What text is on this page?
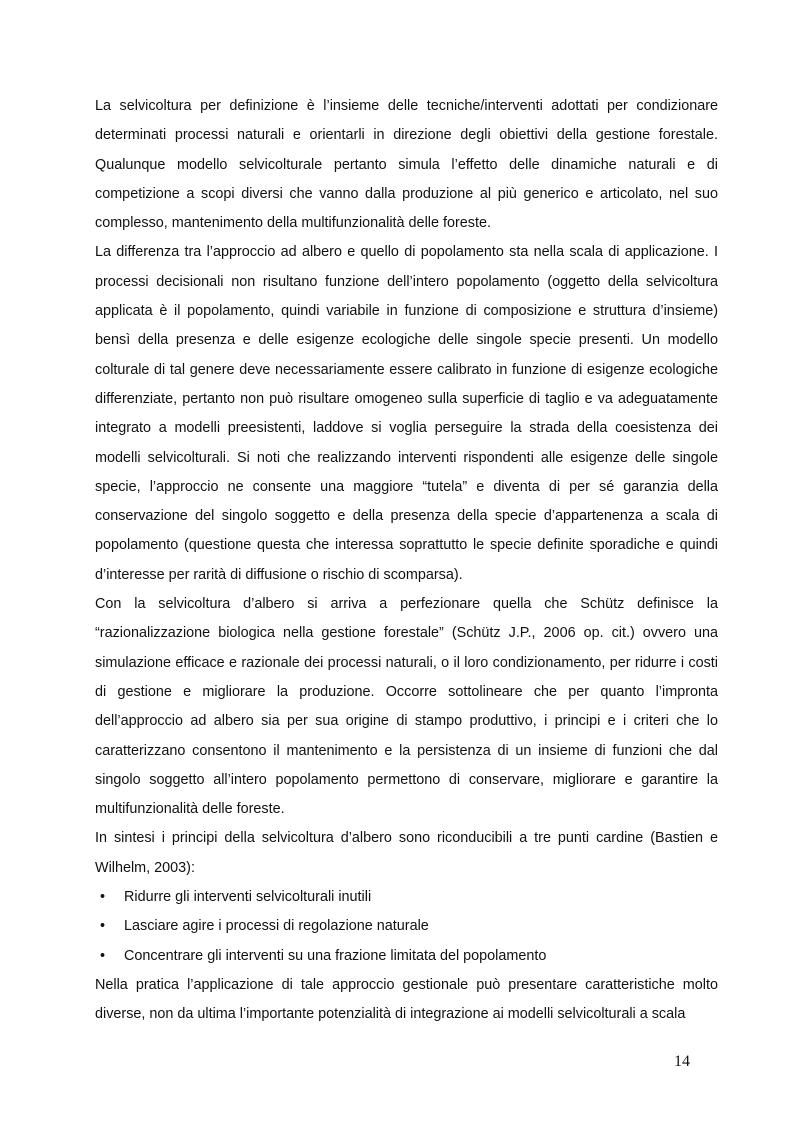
La selvicoltura per definizione è l’insieme delle tecniche/interventi adottati per condizionare determinati processi naturali e orientarli in direzione degli obiettivi della gestione forestale. Qualunque modello selvicolturale pertanto simula l’effetto delle dinamiche naturali e di competizione a scopi diversi che vanno dalla produzione al più generico e articolato, nel suo complesso, mantenimento della multifunzionalità delle foreste.

La differenza tra l’approccio ad albero e quello di popolamento sta nella scala di applicazione. I processi decisionali non risultano funzione dell’intero popolamento (oggetto della selvicoltura applicata è il popolamento, quindi variabile in funzione di composizione e struttura d’insieme) bensì della presenza e delle esigenze ecologiche delle singole specie presenti. Un modello colturale di tal genere deve necessariamente essere calibrato in funzione di esigenze ecologiche differenziate, pertanto non può risultare omogeneo sulla superficie di taglio e va adeguatamente integrato a modelli preesistenti, laddove si voglia perseguire la strada della coesistenza dei modelli selvicolturali. Si noti che realizzando interventi rispondenti alle esigenze delle singole specie, l’approccio ne consente una maggiore “tutela” e diventa di per sé garanzia della conservazione del singolo soggetto e della presenza della specie d’appartenenza a scala di popolamento (questione questa che interessa soprattutto le specie definite sporadiche e quindi d’interesse per rarità di diffusione o rischio di scomparsa).

Con la selvicoltura d’albero si arriva a perfezionare quella che Schütz definisce la “razionalizzazione biologica nella gestione forestale” (Schütz J.P., 2006 op. cit.) ovvero una simulazione efficace e razionale dei processi naturali, o il loro condizionamento, per ridurre i costi di gestione e migliorare la produzione. Occorre sottolineare che per quanto l’impronta dell’approccio ad albero sia per sua origine di stampo produttivo, i principi e i criteri che lo caratterizzano consentono il mantenimento e la persistenza di un insieme di funzioni che dal singolo soggetto all’intero popolamento permettono di conservare, migliorare e garantire la multifunzionalità delle foreste.

In sintesi i principi della selvicoltura d’albero sono riconducibili a tre punti cardine (Bastien e Wilhelm, 2003):

• Ridurre gli interventi selvicolturali inutili
• Lasciare agire i processi di regolazione naturale
• Concentrare gli interventi su una frazione limitata del popolamento

Nella pratica l’applicazione di tale approccio gestionale può presentare caratteristiche molto diverse, non da ultima l’importante potenzialità di integrazione ai modelli selvicolturali a scala

14
